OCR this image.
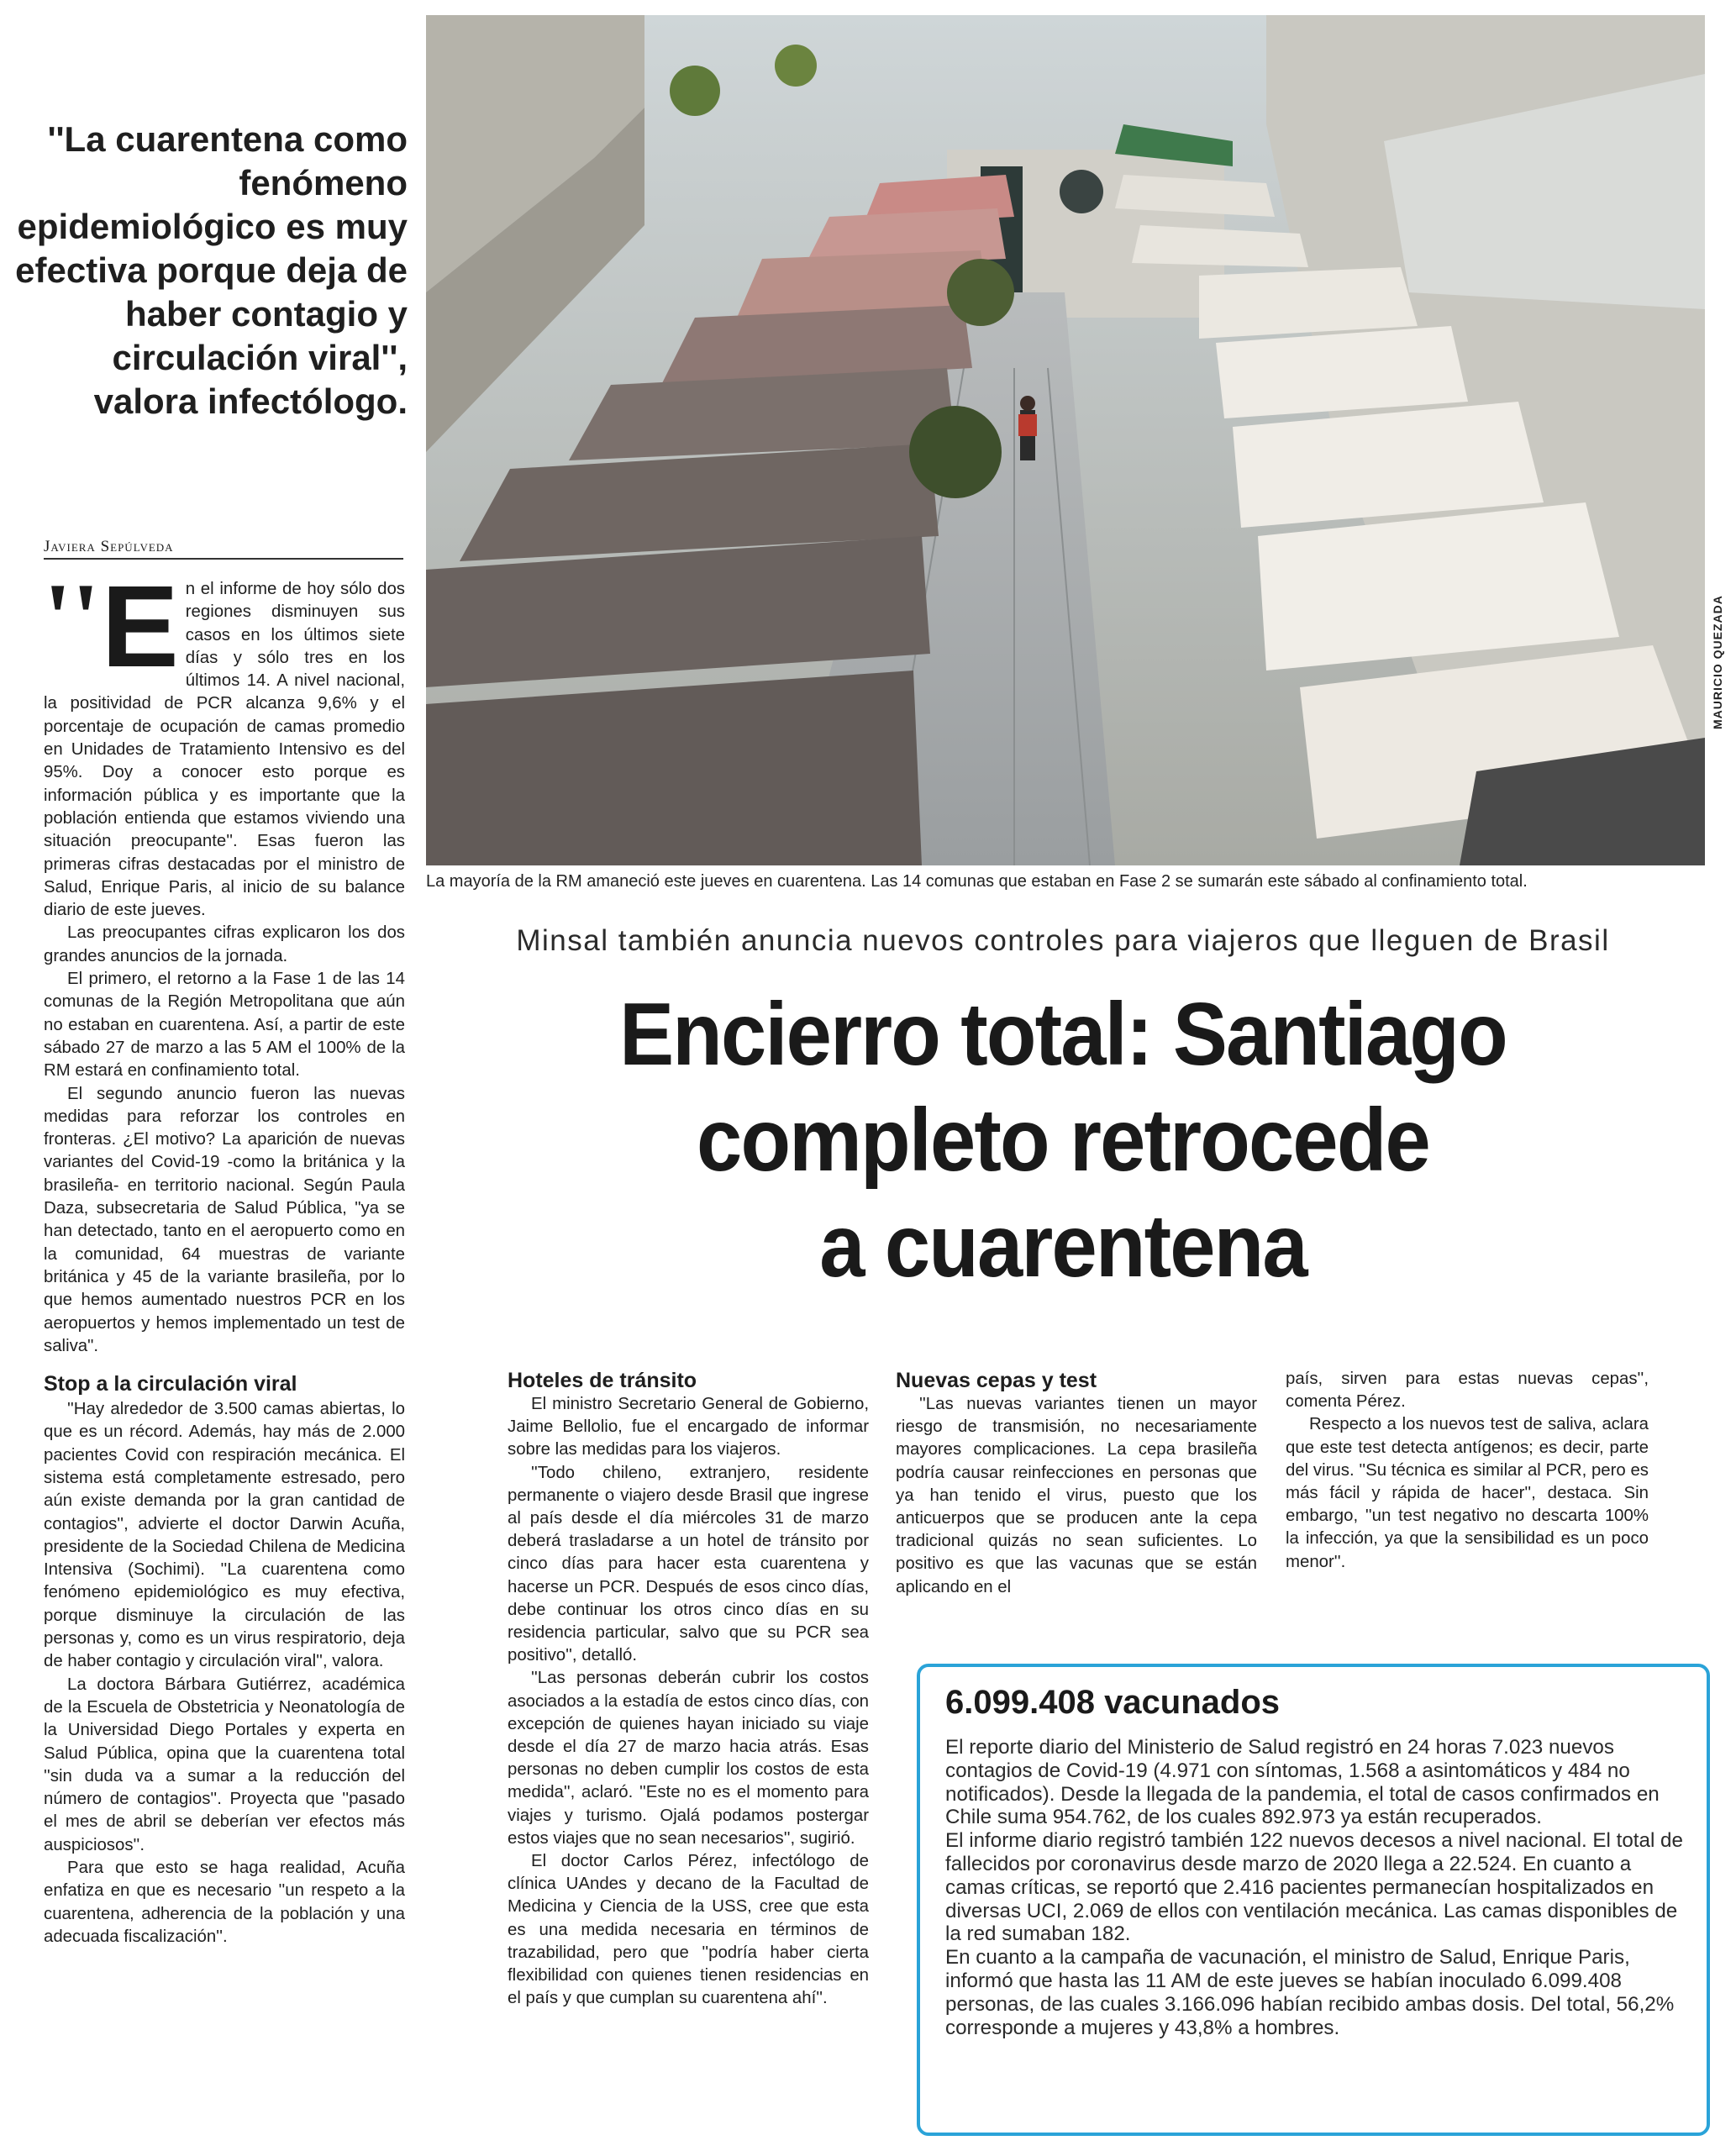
''La cuarentena como fenómeno epidemiológico es muy efectiva porque deja de haber contagio y circulación viral'', valora infectólogo.
Javiera Sepúlveda
'' E n el informe de hoy sólo dos regiones disminuyen sus casos en los últimos siete días y sólo tres en los últimos 14. A nivel nacional, la positividad de PCR alcanza 9,6% y el porcentaje de ocupación de camas promedio en Unidades de Tratamiento Intensivo es del 95%. Doy a conocer esto porque es información pública y es importante que la población entienda que estamos viviendo una situación preocupante''. Esas fueron las primeras cifras destacadas por el ministro de Salud, Enrique Paris, al inicio de su balance diario de este jueves.

Las preocupantes cifras explicaron los dos grandes anuncios de la jornada.

El primero, el retorno a la Fase 1 de las 14 comunas de la Región Metropolitana que aún no estaban en cuarentena. Así, a partir de este sábado 27 de marzo a las 5 AM el 100% de la RM estará en confinamiento total.

El segundo anuncio fueron las nuevas medidas para reforzar los controles en fronteras. ¿El motivo? La aparición de nuevas variantes del Covid-19 -como la británica y la brasileña- en territorio nacional. Según Paula Daza, subsecretaria de Salud Pública, "ya se han detectado, tanto en el aeropuerto como en la comunidad, 64 muestras de variante británica y 45 de la variante brasileña, por lo que hemos aumentado nuestros PCR en los aeropuertos y hemos implementado un test de saliva".

Stop a la circulación viral

''Hay alrededor de 3.500 camas abiertas, lo que es un récord. Además, hay más de 2.000 pacientes Covid con respiración mecánica. El sistema está completamente estresado, pero aún existe demanda por la gran cantidad de contagios'', advierte el doctor Darwin Acuña, presidente de la Sociedad Chilena de Medicina Intensiva (Sochimi). ''La cuarentena como fenómeno epidemiológico es muy efectiva, porque disminuye la circulación de las personas y, como es un virus respiratorio, deja de haber contagio y circulación viral'', valora.

La doctora Bárbara Gutiérrez, académica de la Escuela de Obstetricia y Neonatología de la Universidad Diego Portales y experta en Salud Pública, opina que la cuarentena total ''sin duda va a sumar a la reducción del número de contagios''. Proyecta que ''pasado el mes de abril se deberían ver efectos más auspiciosos''.

Para que esto se haga realidad, Acuña enfatiza en que es necesario ''un respeto a la cuarentena, adherencia de la población y una adecuada fiscalización''.

MAURICIO QUEZADA
La mayoría de la RM amaneció este jueves en cuarentena. Las 14 comunas que estaban en Fase 2 se sumarán este sábado al confinamiento total.
Minsal también anuncia nuevos controles para viajeros que lleguen de Brasil
Encierro total: Santiago
completo retrocede
a cuarentena

Hoteles de tránsito

El ministro Secretario General de Gobierno, Jaime Bellolio, fue el encargado de informar sobre las medidas para los viajeros.

''Todo chileno, extranjero, residente permanente o viajero desde Brasil que ingrese al país desde el día miércoles 31 de marzo deberá trasladarse a un hotel de tránsito por cinco días para hacer esta cuarentena y hacerse un PCR. Después de esos cinco días, debe continuar los otros cinco días en su residencia particular, salvo que su PCR sea positivo'', detalló.

''Las personas deberán cubrir los costos asociados a la estadía de estos cinco días, con excepción de quienes hayan iniciado su viaje desde el día 27 de marzo hacia atrás. Esas personas no deben cumplir los costos de esta medida'', aclaró. ''Este no es el momento para viajes y turismo. Ojalá podamos postergar estos viajes que no sean necesarios'', sugirió.

El doctor Carlos Pérez, infectólogo de clínica UAndes y decano de la Facultad de Medicina y Ciencia de la USS, cree que esta es una medida necesaria en términos de trazabilidad, pero que ''podría haber cierta flexibilidad con quienes tienen residencias en el país y que cumplan su cuarentena ahí''.

Nuevas cepas y test

''Las nuevas variantes tienen un mayor riesgo de transmisión, no necesariamente mayores complicaciones. La cepa brasileña podría causar reinfecciones en personas que ya han tenido el virus, puesto que los anticuerpos que se producen ante la cepa tradicional quizás no sean suficientes. Lo positivo es que las vacunas que se están aplicando en el

país, sirven para estas nuevas cepas'', comenta Pérez.

Respecto a los nuevos test de saliva, aclara que este test detecta antígenos; es decir, parte del virus. ''Su técnica es similar al PCR, pero es más fácil y rápida de hacer'', destaca. Sin embargo, ''un test negativo no descarta 100% la infección, ya que la sensibilidad es un poco menor''.

6.099.408 vacunados

El reporte diario del Ministerio de Salud registró en 24 horas 7.023 nuevos contagios de Covid-19 (4.971 con síntomas, 1.568 a asintomáticos y 484 no notificados). Desde la llegada de la pandemia, el total de casos confirmados en Chile suma 954.762, de los cuales 892.973 ya están recuperados.

El informe diario registró también 122 nuevos decesos a nivel nacional. El total de fallecidos por coronavirus desde marzo de 2020 llega a 22.524. En cuanto a camas críticas, se reportó que 2.416 pacientes permanecían hospitalizados en diversas UCI, 2.069 de ellos con ventilación mecánica. Las camas disponibles de la red sumaban 182.

En cuanto a la campaña de vacunación, el ministro de Salud, Enrique Paris, informó que hasta las 11 AM de este jueves se habían inoculado 6.099.408 personas, de las cuales 3.166.096 habían recibido ambas dosis. Del total, 56,2% corresponde a mujeres y 43,8% a hombres.
